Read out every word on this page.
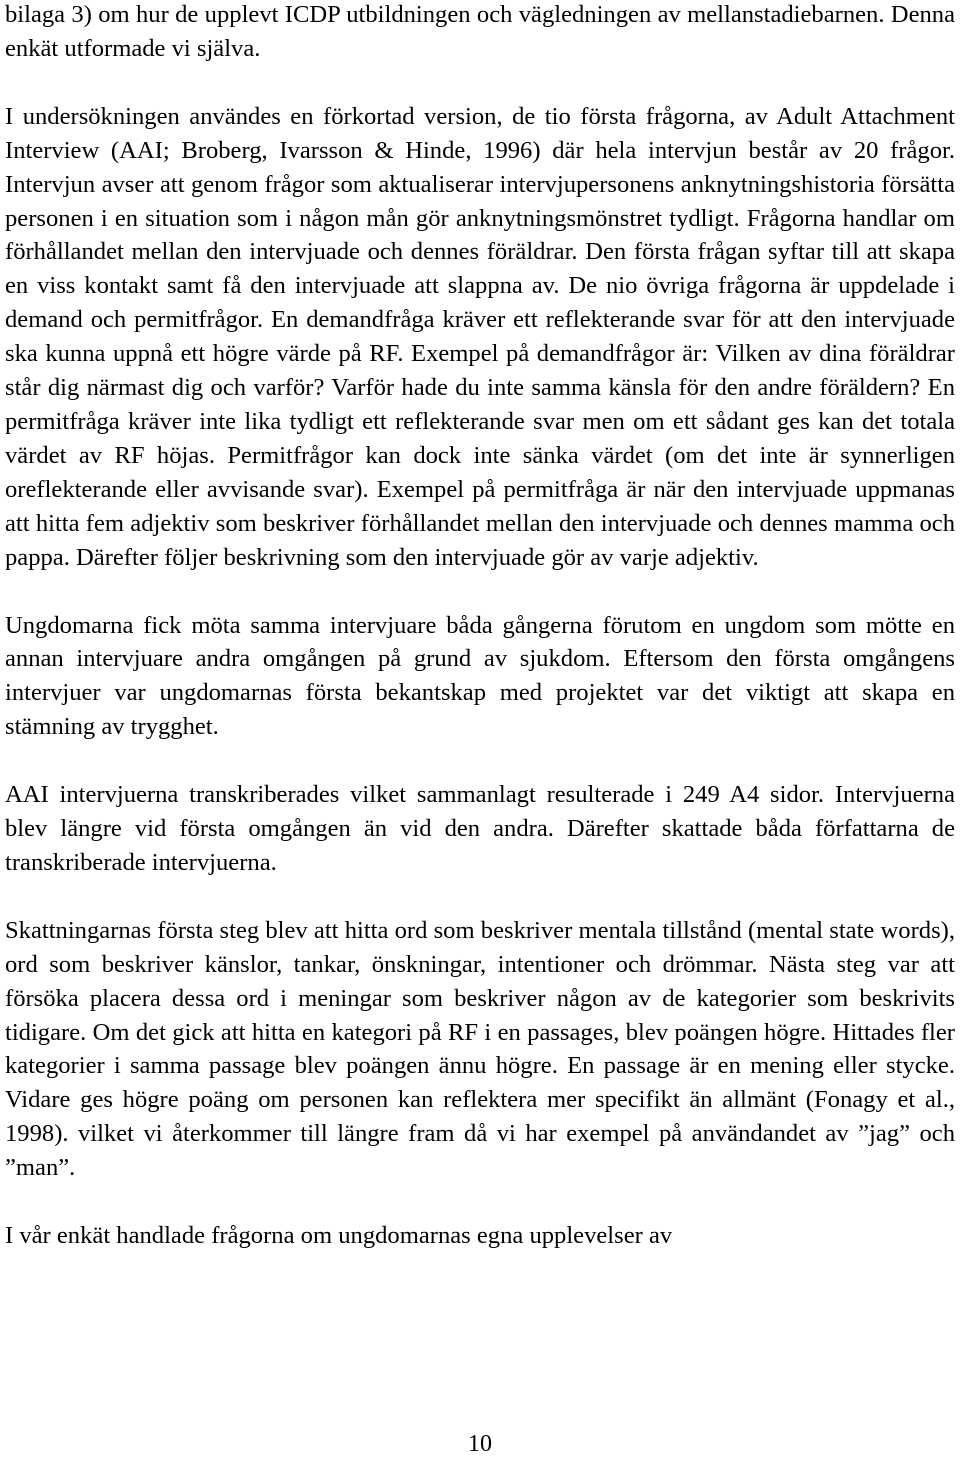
bilaga 3) om hur de upplevt ICDP utbildningen och vägledningen av mellanstadiebarnen. Denna enkät utformade vi själva.

I undersökningen användes en förkortad version, de tio första frågorna, av Adult Attachment Interview (AAI; Broberg, Ivarsson & Hinde, 1996) där hela intervjun består av 20 frågor. Intervjun avser att genom frågor som aktualiserar intervjupersonens anknytningshistoria försätta personen i en situation som i någon mån gör anknytningsmönstret tydligt. Frågorna handlar om förhållandet mellan den intervjuade och dennes föräldrar. Den första frågan syftar till att skapa en viss kontakt samt få den intervjuade att slappna av. De nio övriga frågorna är uppdelade i demand och permitfrågor. En demandfråga kräver ett reflekterande svar för att den intervjuade ska kunna uppnå ett högre värde på RF. Exempel på demandfrågor är: Vilken av dina föräldrar står dig närmast dig och varför? Varför hade du inte samma känsla för den andre föräldern? En permitfråga kräver inte lika tydligt ett reflekterande svar men om ett sådant ges kan det totala värdet av RF höjas. Permitfrågor kan dock inte sänka värdet (om det inte är synnerligen oreflekterande eller avvisande svar). Exempel på permitfråga är när den intervjuade uppmanas att hitta fem adjektiv som beskriver förhållandet mellan den intervjuade och dennes mamma och pappa. Därefter följer beskrivning som den intervjuade gör av varje adjektiv.

Ungdomarna fick möta samma intervjuare båda gångerna förutom en ungdom som mötte en annan intervjuare andra omgången på grund av sjukdom. Eftersom den första omgångens intervjuer var ungdomarnas första bekantskap med projektet var det viktigt att skapa en stämning av trygghet.

AAI intervjuerna transkriberades vilket sammanlagt resulterade i 249 A4 sidor. Intervjuerna blev längre vid första omgången än vid den andra. Därefter skattade båda författarna de transkriberade intervjuerna.

Skattningarnas första steg blev att hitta ord som beskriver mentala tillstånd (mental state words), ord som beskriver känslor, tankar, önskningar, intentioner och drömmar. Nästa steg var att försöka placera dessa ord i meningar som beskriver någon av de kategorier som beskrivits tidigare. Om det gick att hitta en kategori på RF i en passages, blev poängen högre. Hittades fler kategorier i samma passage blev poängen ännu högre. En passage är en mening eller stycke. Vidare ges högre poäng om personen kan reflektera mer specifikt än allmänt (Fonagy et al., 1998). vilket vi återkommer till längre fram då vi har exempel på användandet av ”jag” och ”man”.

I vår enkät handlade frågorna om ungdomarnas egna upplevelser av

10
